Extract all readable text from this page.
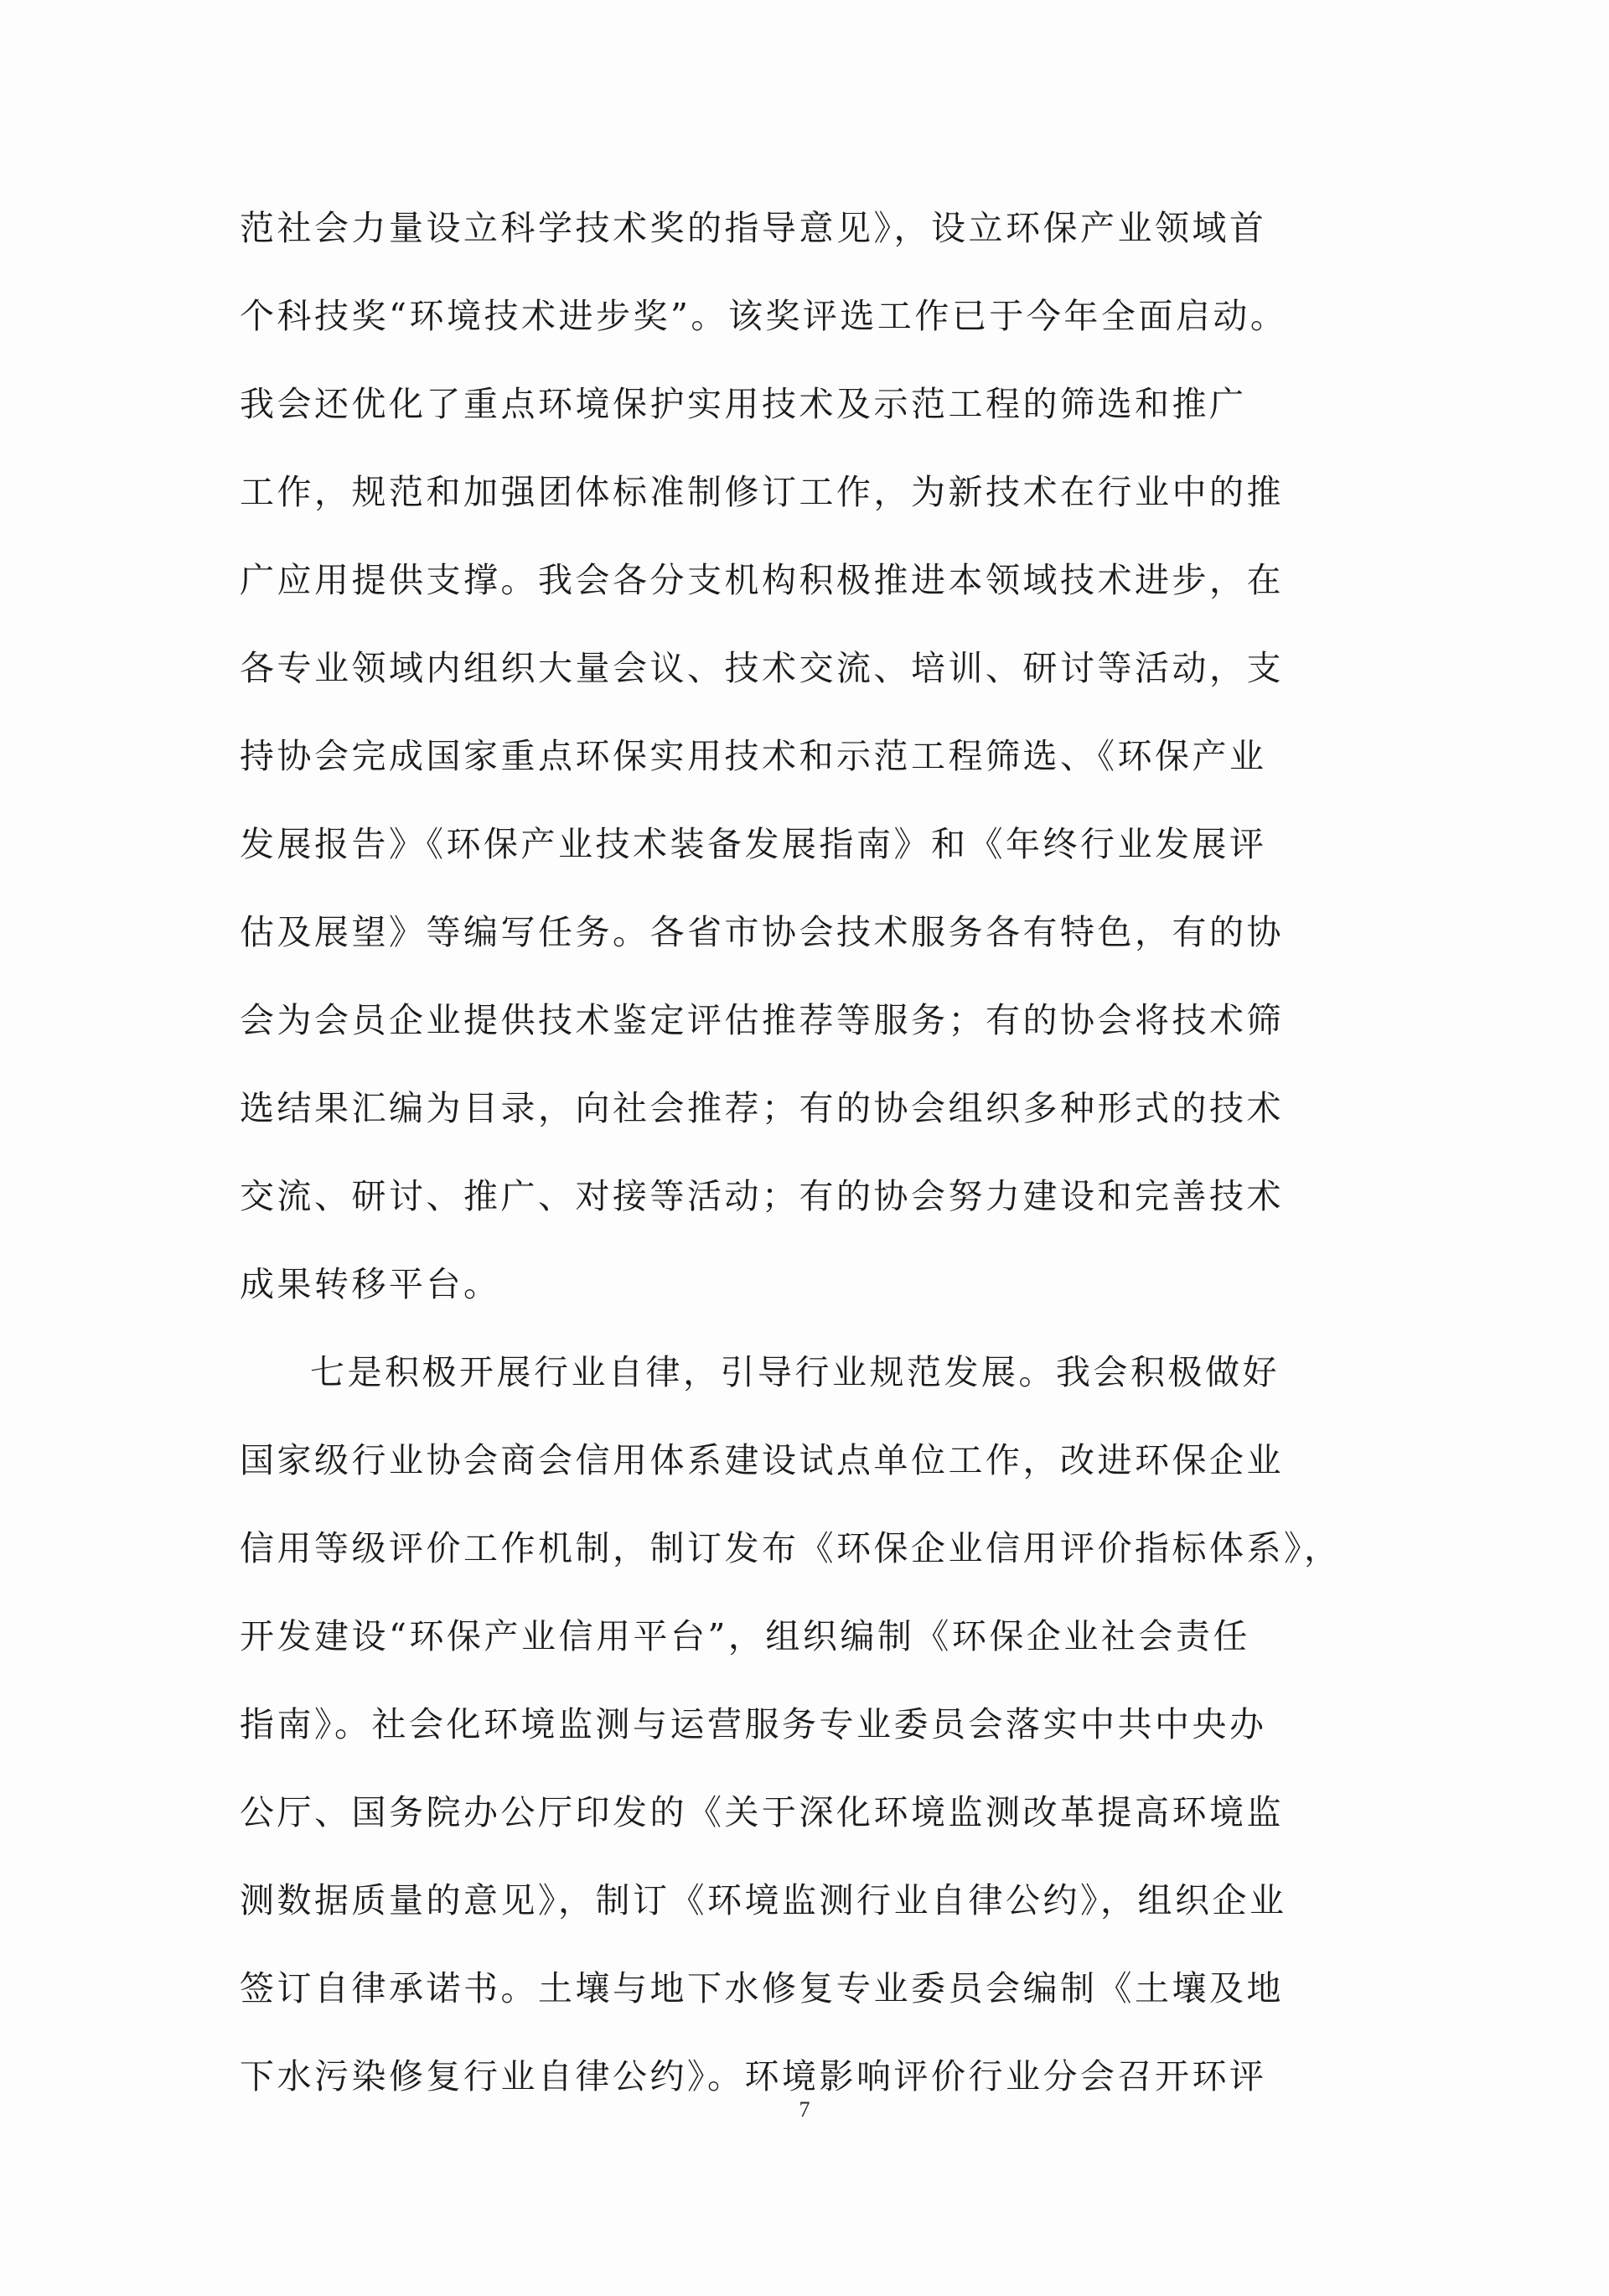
范社会力量设立科学技术奖的指导意见》，设立环保产业领域首
个科技奖“环境技术进步奖”。该奖评选工作已于今年全面启动。
我会还优化了重点环境保护实用技术及示范工程的筛选和推广
工作，规范和加强团体标准制修订工作，为新技术在行业中的推
广应用提供支撑。我会各分支机构积极推进本领域技术进步，在
各专业领域内组织大量会议、技术交流、培训、研讨等活动，支
持协会完成国家重点环保实用技术和示范工程筛选、《环保产业
发展报告》《环保产业技术装备发展指南》和《年终行业发展评
估及展望》等编写任务。各省市协会技术服务各有特色，有的协
会为会员企业提供技术鉴定评估推荐等服务；有的协会将技术筛
选结果汇编为目录，向社会推荐；有的协会组织多种形式的技术
交流、研讨、推广、对接等活动；有的协会努力建设和完善技术
成果转移平台。
七是积极开展行业自律，引导行业规范发展。我会积极做好
国家级行业协会商会信用体系建设试点单位工作，改进环保企业
信用等级评价工作机制，制订发布《环保企业信用评价指标体系》，
开发建设“环保产业信用平台”，组织编制《环保企业社会责任
指南》。社会化环境监测与运营服务专业委员会落实中共中央办
公厅、国务院办公厅印发的《关于深化环境监测改革提高环境监
测数据质量的意见》，制订《环境监测行业自律公约》，组织企业
签订自律承诺书。土壤与地下水修复专业委员会编制《土壤及地
下水污染修复行业自律公约》。环境影响评价行业分会召开环评
7
